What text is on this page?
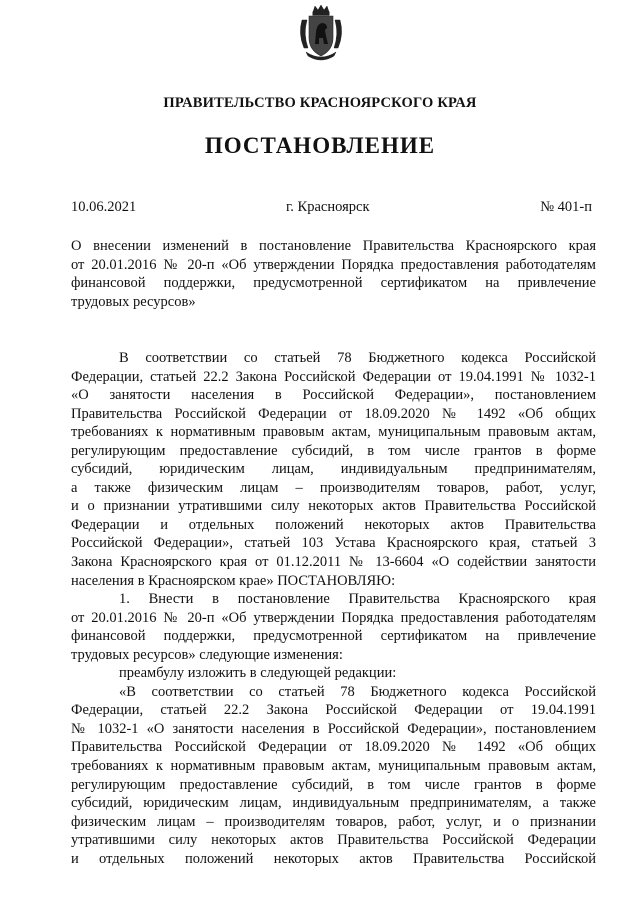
ПРАВИТЕЛЬСТВО КРАСНОЯРСКОГО КРАЯ
ПОСТАНОВЛЕНИЕ
10.06.2021	г. Красноярск	№ 401-п
О внесении изменений в постановление Правительства Красноярского края
от 20.01.2016 № 20-п «Об утверждении Порядка предоставления работодателям
финансовой поддержки, предусмотренной сертификатом на привлечение
трудовых ресурсов»
В соответствии со статьей 78 Бюджетного кодекса Российской
Федерации, статьей 22.2 Закона Российской Федерации от 19.04.1991 № 1032-1
«О занятости населения в Российской Федерации», постановлением
Правительства Российской Федерации от 18.09.2020 № 1492 «Об общих
требованиях к нормативным правовым актам, муниципальным правовым актам,
регулирующим предоставление субсидий, в том числе грантов в форме
субсидий, юридическим лицам, индивидуальным предпринимателям,
а также физическим лицам – производителям товаров, работ, услуг,
и о признании утратившими силу некоторых актов Правительства Российской
Федерации и отдельных положений некоторых актов Правительства
Российской Федерации», статьей 103 Устава Красноярского края, статьей 3
Закона Красноярского края от 01.12.2011 № 13-6604 «О содействии занятости
населения в Красноярском крае» ПОСТАНОВЛЯЮ:
1. Внести в постановление Правительства Красноярского края
от 20.01.2016 № 20-п «Об утверждении Порядка предоставления работодателям
финансовой поддержки, предусмотренной сертификатом на привлечение
трудовых ресурсов» следующие изменения:
преамбулу изложить в следующей редакции:
«В соответствии со статьей 78 Бюджетного кодекса Российской
Федерации, статьей 22.2 Закона Российской Федерации от 19.04.1991
№ 1032-1 «О занятости населения в Российской Федерации», постановлением
Правительства Российской Федерации от 18.09.2020 № 1492 «Об общих
требованиях к нормативным правовым актам, муниципальным правовым актам,
регулирующим предоставление субсидий, в том числе грантов в форме
субсидий, юридическим лицам, индивидуальным предпринимателям, а также
физическим лицам – производителям товаров, работ, услуг, и о признании
утратившими силу некоторых актов Правительства Российской Федерации
и отдельных положений некоторых актов Правительства Российской
